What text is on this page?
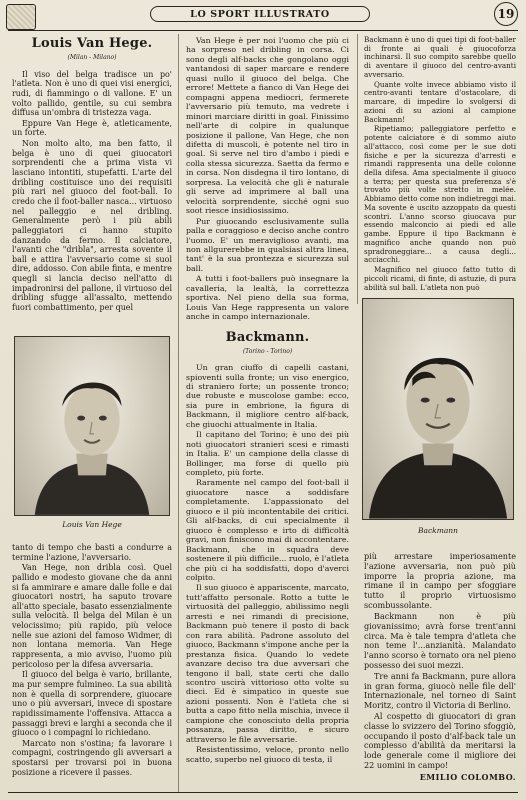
LO SPORT ILLUSTRATO	19
Louis Van Hege.
(Milan - Milano)

Il viso del belga tradisce un po' l'atleta. Non è uno di quei visi energici, rudi, di fiammingo o di vallone. E' un volto pallido, gentile, su cui sembra diffusa un'ombra di tristezza vaga.

Eppure Van Hege è, atleticamente, un forte.

Non molto alto, ma ben fatto, il belga è uno di quei giuocatori sorprendenti che a prima vista vi lasciano intontiti, stupefatti. L'arte del dribling costituisce uno dei requisiti più rari nel giuoco del foot-ball. Io credo che il foot-baller nasca... virtuoso nel palleggio e nel dribling. Generalmente però i più abili palleggiatori ci hanno stupito danzando da fermo. Il calciatore, l'avanti che "dribla", arresta sovente il ball e attira l'avversario come si suol dire, addosso. Con abile finta, e mentre quegli si lancia deciso nell'atto di impadronirsi del pallone, il virtuoso del dribling sfugge all'assalto, mettendo fuori combattimento, per quel

Louis Van Hege

tanto di tempo che basti a condurre a termine l'azione, l'avversario.

Van Hege, non dribla così. Quel pallido e modesto giovane che da anni si fa ammirare e amare dalle folle e dai giuocatori nostri, ha saputo trovare all'atto speciale, basato essenzialmente sulla velocità. Il belga del Milan è un velocissimo; più rapido, più veloce nelle sue azioni del famoso Widmer, di non lontana memoria. Van Hege rappresenta, a mio avviso, l'uomo più pericoloso per la difesa avversaria.

Il giuoco del belga è vario, brillante, ma pur sempre fulmineo. La sua abilità non è quella di sorprendere, giuocare uno o più avversari, invece di spostare rapidissimamente l'offensiva. Attacca a passaggi brevi e larghi a seconda che il giuoco o i compagni lo richiedano.

Marcato non s'ostina; fa lavorare i compagni, costringendo gli avversari a spostarsi per trovarsi poi in buona posizione a ricevere il passes.

Van Hege è per noi l'uomo che più ci ha sorpreso nel dribling in corsa. Ci sono degli alf-backs che gongolano oggi vantandosi di saper marcare e rendere quasi nullo il giuoco del belga. Che errore! Mettete a fianco di Van Hege dei compagni appena mediocri, fermerete l'avversario più temuto, ma vedrete i minori marciare diritti in goal. Finissimo nell'arte di colpire in qualunque posizione il pallone, Van Hege, che non difetta di muscoli, è potente nel tiro in goal. Si serve nel tiro d'ambo i piedi e colla stessa sicurezza. Saetta da fermo e in corsa. Non disdegna il tiro lontano, di sorpresa. La velocità che gli è naturale gli serve ad imprimere al ball una velocità sorprendente, sicché ogni suo soot riesce insidiosissimo.

Pur giuocando esclusivamente sulla palla e coraggioso e deciso anche contro l'uomo. E' un meraviglioso avanti, ma non allgurerebbe in qualsiasi altra linea, tant' è la sua prontezza e sicurezza sul ball.

A tutti i foot-ballers può insegnare la cavalleria, la lealtà, la correttezza sportiva. Nel pieno della sua forma, Louis Van Hege rappresenta un valore anche in campo internazionale.

Backmann.
(Torino - Torino)

Un gran ciuffo di capelli castani, spioventi sulla fronte; un viso energico, di straniero forte; un possente tronco; due robuste e muscolose gambe: ecco, sia pure in embrione, la figura di Backmann, il migliore centro alf-back, che giuochi attualmente in Italia.

Il capitano del Torino; è uno dei più noti giuocatori stranieri scesi e rimasti in Italia. E' un campione della classe di Bollinger, ma forse di quello più completo, più forte.

Raramente nel campo del foot-ball il giuocatore nasce a soddisfare completamente. L'appassionato del giuoco e il più incontentabile dei critici. Gli alf-backs, di cui specialmente il giuoco è complesso e irto di difficoltà gravi, non finiscono mai di accontentare. Backmann, che in squadra deve sostenere il più difficile... ruolo, è l'atleta che più ci ha soddisfatti, dopo d'averci colpito.

Il suo giuoco è appariscente, marcato, tutt'affatto personale. Rotto a tutte le virtuosità del palleggio, abilissimo negli arresti e nei rimandi di precisione, Backmann può tenere il posto di back con rara abilità. Padrone assoluto del giuoco, Backmann s'impone anche per la prestanza fisica. Quando lo vedete avanzare deciso tra due avversari che tengono il ball, state certi che dallo scontro uscirà vittorioso otto volte su dieci. Ed è simpatico in queste sue azioni possenti. Non è l'atleta che si butta a capo fitto nella mischia, invece il campione che conosciuto della propria possanza, passa diritto, e sicuro attraverso le file avversarie.

Resistentissimo, veloce, pronto nello scatto, superbo nel giuoco di testa, il

Backmann è uno di quei tipi di foot-baller di fronte ai quali è giuocoforza inchinarsi. Il suo compito sarebbe quello di aventare il giuoco del centro-avanti avversario.

Quante volte invece abbiamo visto il centro-avanti tentare d'ostacolare, di marcare, di impedire lo svolgersi di azioni di su azioni al campione Backmann!

Ripetiamo; palleggiatore perfetto e potente calciatore è di sommo aiuto all'attacco, così come per le sue doti fisiche e per la sicurezza d'arresti e rimandi rappresenta una delle colonne della difesa. Ama specialmente il giuoco a terra; per questa sua preferenza s'è trovato più volte stretto in melée. Abbiamo detto come non indietreggi mai. Ma sovente è uscito azzoppato da questi scontri. L'anno scorso giuocava pur essendo malconcio ai piedi ed alle gambe. Eppure il tipo Backmann è magnifico anche quando non può spradroneggiare... a causa degli... acciacchi.

Magnifico nel giuoco fatto tutto di piccoli ricami, di finte, di astuzie, di pura abilità sul ball. L'atleta non può

Backmann

più arrestare imperiosamente l'azione avversaria, non può più imporre la propria azione, ma rimane il in campo per sfoggiare tutto il proprio virtuosismo scombussolante.

Backmann non è più giovanissimo; avrà forse trent'anni circa. Ma è tale tempra d'atleta che non teme l'...anzianità. Malandato l'anno scorso è tornato ora nel pieno possesso dei suoi mezzi.

Tre anni fa Backmann, pure allora in gran forma, giuocò nelle file dell' Internazionale, nel torneo di Saint Moritz, contro il Victoria di Berlino.

Al cospetto di giuocatori di gran classe lo svizzero del Torino sfoggiò, occupando il posto d'alf-back tale un complesso d'abilità da meritarsi la lode generale come il migliore dei 22 uomini in campo!

EMILIO COLOMBO.
